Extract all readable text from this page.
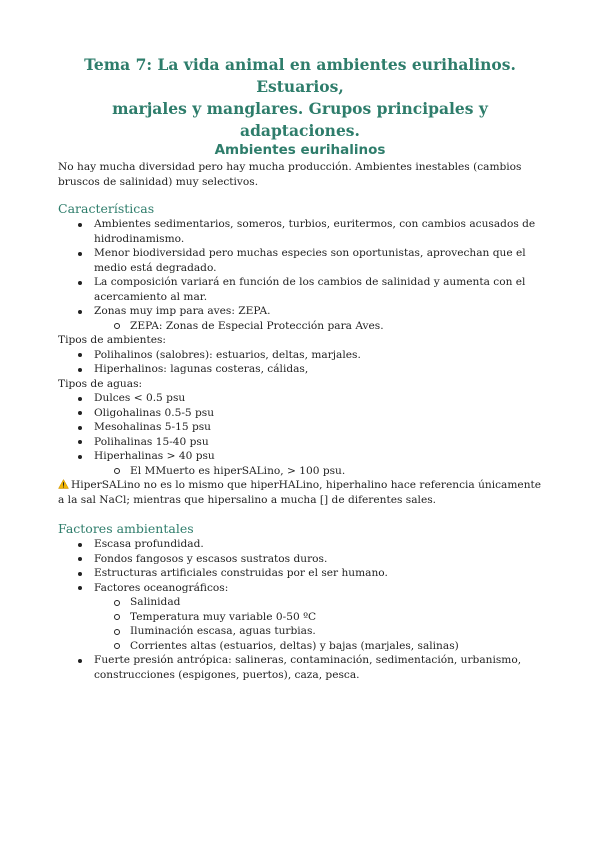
Tema 7: La vida animal en ambientes eurihalinos. Estuarios,
marjales y manglares. Grupos principales y adaptaciones.
Ambientes eurihalinos

No hay mucha diversidad pero hay mucha producción. Ambientes inestables (cambios bruscos de salinidad) muy selectivos.

Características
Ambientes sedimentarios, someros, turbios, euritermos, con cambios acusados de hidrodinamismo.
Menor biodiversidad pero muchas especies son oportunistas, aprovechan que el medio está degradado.
La composición variará en función de los cambios de salinidad y aumenta con el acercamiento al mar.
Zonas muy imp para aves: ZEPA.
ZEPA: Zonas de Especial Protección para Aves.
Tipos de ambientes:
Polihalinos (salobres): estuarios, deltas, marjales.
Hiperhalinos: lagunas costeras, cálidas,
Tipos de aguas:
Dulces < 0.5 psu
Oligohalinas 0.5-5 psu
Mesohalinas 5-15 psu
Polihalinas 15-40 psu
Hiperhalinas > 40 psu
El MMuerto es hiperSALino, > 100 psu.

HiperSALino no es lo mismo que hiperHALino, hiperhalino hace referencia únicamente a la sal NaCl; mientras que hipersalino a mucha [] de diferentes sales.

Factores ambientales
Escasa profundidad.
Fondos fangosos y escasos sustratos duros.
Estructuras artificiales construidas por el ser humano.
Factores oceanográficos:
Salinidad
Temperatura muy variable 0-50 ºC
Iluminación escasa, aguas turbias.
Corrientes altas (estuarios, deltas) y bajas (marjales, salinas)
Fuerte presión antrópica: salineras, contaminación, sedimentación, urbanismo, construcciones (espigones, puertos), caza, pesca.
